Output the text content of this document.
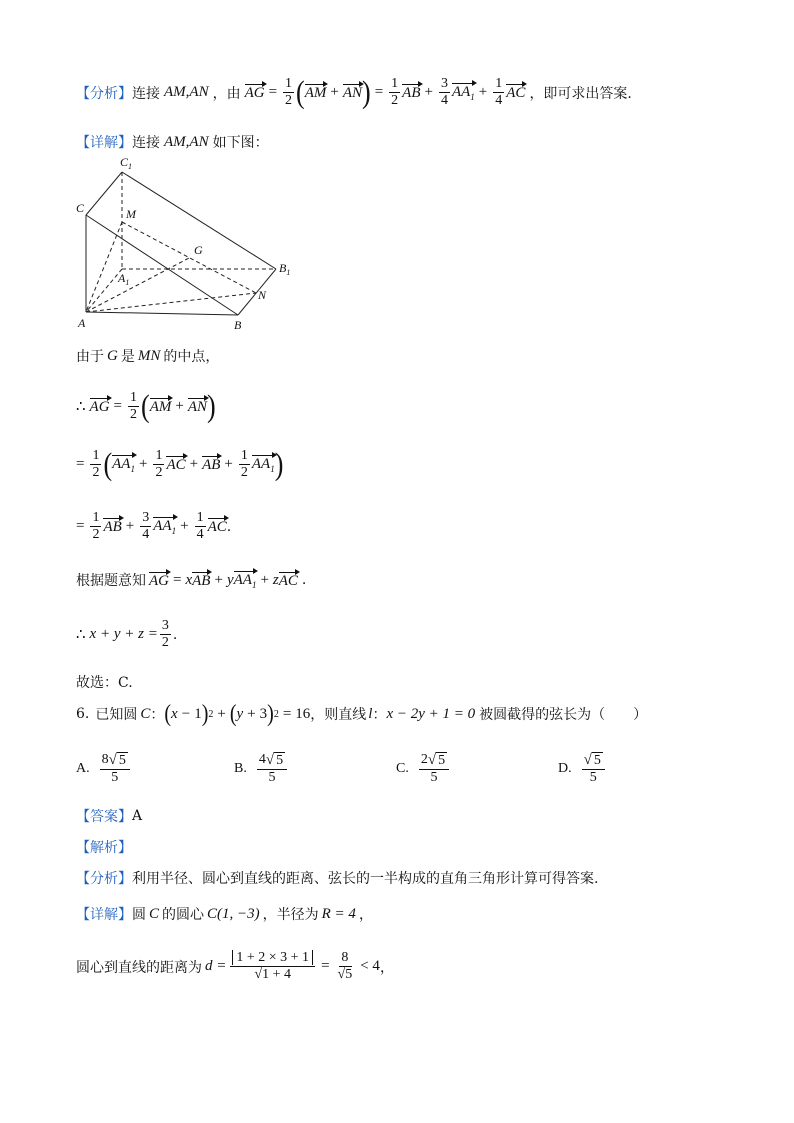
【分析】 连接 AM,AN ，由 AG = $\frac{1}{2}$ ( AM + AN ) = $\frac{1}{2}$ AB + $\frac{3}{4} AA_1 + \frac{1}{4}$ AC ，即可求出答案.
【详解】 连接 AM,AN 如下图：
$C_1$
C	M
G
$B_1$
$A_1$
N
A	B
由于 G 是 MN 的中点，
∴ AG = $\frac{1}{2}$ ( AM + AN )
= $\frac{1}{2}$ ( $AA_1 + \frac{1}{2}$ AC + AB + $\frac{1}{2} AA_1$ )
= $\frac{1}{2}$ AB + $\frac{3}{4} AA_1 + \frac{1}{4}$ AC .
根据题意知 AG = x AB + y $AA_1 + z$ AC .
∴ $x + y + z = \frac{3}{2}$ .
故选：C.
6. 已知圆 C ： ( x − 1 ) 2 + ( y + 3 ) 2 = 16 ，则直线 l ： x − 2y + 1 = 0 被圆截得的弦长为（　　）
A. $\frac{8 √ 5}{5}$	B. $\frac{4 √ 5}{5}$	C. $\frac{2 √ 5}{5}$	D. $\frac{√ 5}{5}$
【答案】 A
【解析】
【分析】 利用半径、圆心到直线的距离、弦长的一半构成的直角三角形计算可得答案.
【详解】 圆 C 的圆心 C(1, −3) ，半径为 R = 4 ，
圆心到直线的距离为 $d = \frac{1 + 2 \times 3 + 1}{√1 + 4} = \frac{8}{√5} < 4$ ，
